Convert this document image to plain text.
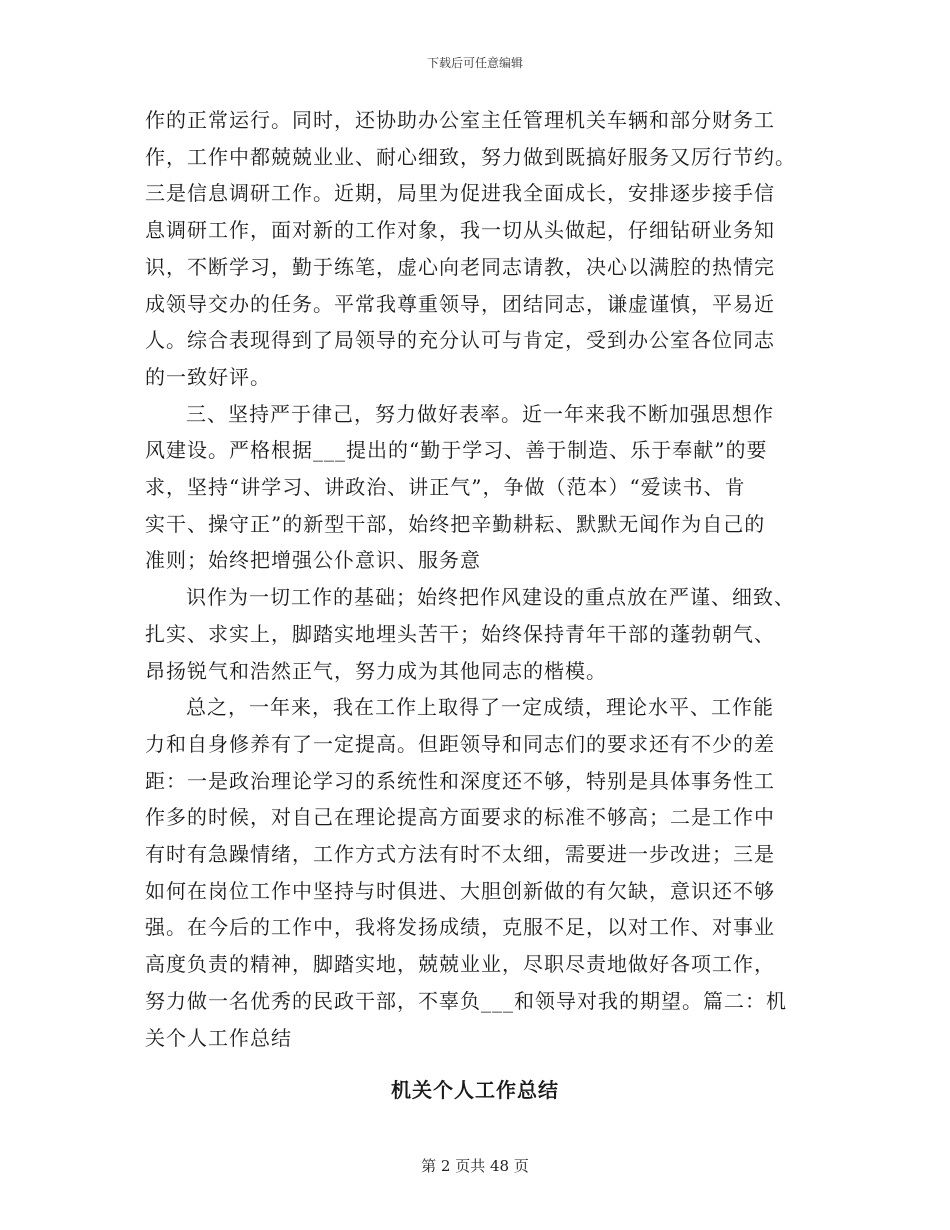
下载后可任意编辑
作的正常运行。同时，还协助办公室主任管理机关车辆和部分财务工
作，工作中都兢兢业业、耐心细致，努力做到既搞好服务又厉行节约。
三是信息调研工作。近期，局里为促进我全面成长，安排逐步接手信
息调研工作，面对新的工作对象，我一切从头做起，仔细钻研业务知
识，不断学习，勤于练笔，虚心向老同志请教，决心以满腔的热情完
成领导交办的任务。平常我尊重领导，团结同志，谦虚谨慎，平易近
人。综合表现得到了局领导的充分认可与肯定，受到办公室各位同志
的一致好评。
三、坚持严于律己，努力做好表率。近一年来我不断加强思想作
风建设。严格根据___提出的“勤于学习、善于制造、乐于奉献”的要
求，坚持“讲学习、讲政治、讲正气”，争做（范本）“爱读书、肯
实干、操守正”的新型干部，始终把辛勤耕耘、默默无闻作为自己的
准则；始终把增强公仆意识、服务意
识作为一切工作的基础；始终把作风建设的重点放在严谨、细致、
扎实、求实上，脚踏实地埋头苦干；始终保持青年干部的蓬勃朝气、
昂扬锐气和浩然正气，努力成为其他同志的楷模。
总之，一年来，我在工作上取得了一定成绩，理论水平、工作能
力和自身修养有了一定提高。但距领导和同志们的要求还有不少的差
距：一是政治理论学习的系统性和深度还不够，特别是具体事务性工
作多的时候，对自己在理论提高方面要求的标准不够高；二是工作中
有时有急躁情绪，工作方式方法有时不太细，需要进一步改进；三是
如何在岗位工作中坚持与时俱进、大胆创新做的有欠缺，意识还不够
强。在今后的工作中，我将发扬成绩，克服不足，以对工作、对事业
高度负责的精神，脚踏实地，兢兢业业，尽职尽责地做好各项工作，
努力做一名优秀的民政干部，不辜负___和领导对我的期望。篇二：机
关个人工作总结
机关个人工作总结
第 2 页共 48 页
